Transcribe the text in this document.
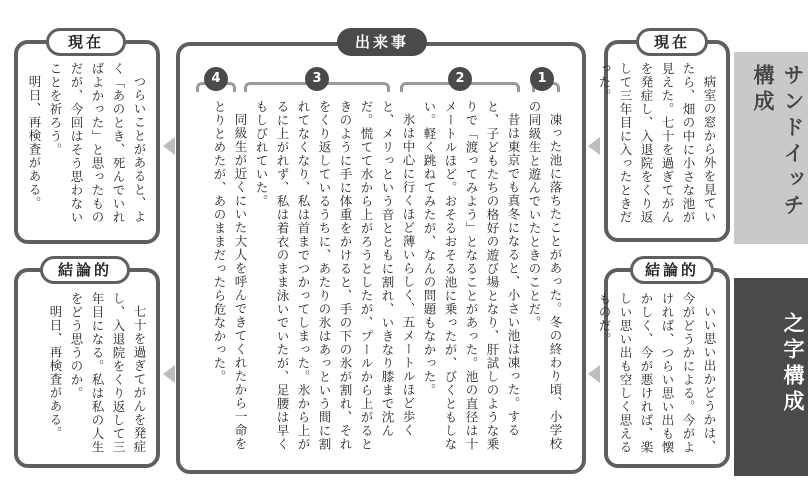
サンドイッチ構成
之字構成
出来事
1
2
3
4

凍った池に落ちたことがあった。冬の終わり頃、小学校の同級生と遊んでいたときのことだ。

昔は東京でも真冬になると、小さい池は凍った。すると、子どもたちの格好の遊び場となり、肝試しのような乗りで「渡ってみよう」となることがあった。池の直径は十メートルほど。おそるおそる池に乗ったが、びくともしない。軽く跳ねてみたが、なんの問題もなかった。

氷は中心に行くほど薄いらしく、五メートルほど歩くと、メリっという音とともに割れ、いきなり膝まで沈んだ。慌てて水から上がろうとしたが、プールから上がるときのように手に体重をかけると、手の下の氷が割れ、それをくり返しているうちに、あたりの氷はあっという間に割れてなくなり、私は首までつかってしまった。氷から上がるに上がれず、私は着衣のまま泳いでいたが、足腰は早くもしびれていた。

同級生が近くにいた大人を呼んできてくれたから一命をとりとめたが、あのままだったら危なかった。

現在

病室の窓から外を見ていたら、畑の中に小さな池が見えた。七十を過ぎてがんを発症し、入退院をくり返して三年目に入ったときだった。

結論的

いい思い出かどうかは、今がどうかによる。今がよければ、つらい思い出も懐かしく、今が悪ければ、楽しい思い出も空しく思えるものだ。

現在

つらいことがあると、よく「あのとき、死んでいればよかった」と思ったものだが、今回はそう思わないことを祈ろう。

明日、再検査がある。

結論的

七十を過ぎてがんを発症し、入退院をくり返して三年目になる。私は私の人生をどう思うのか。

明日、再検査がある。
